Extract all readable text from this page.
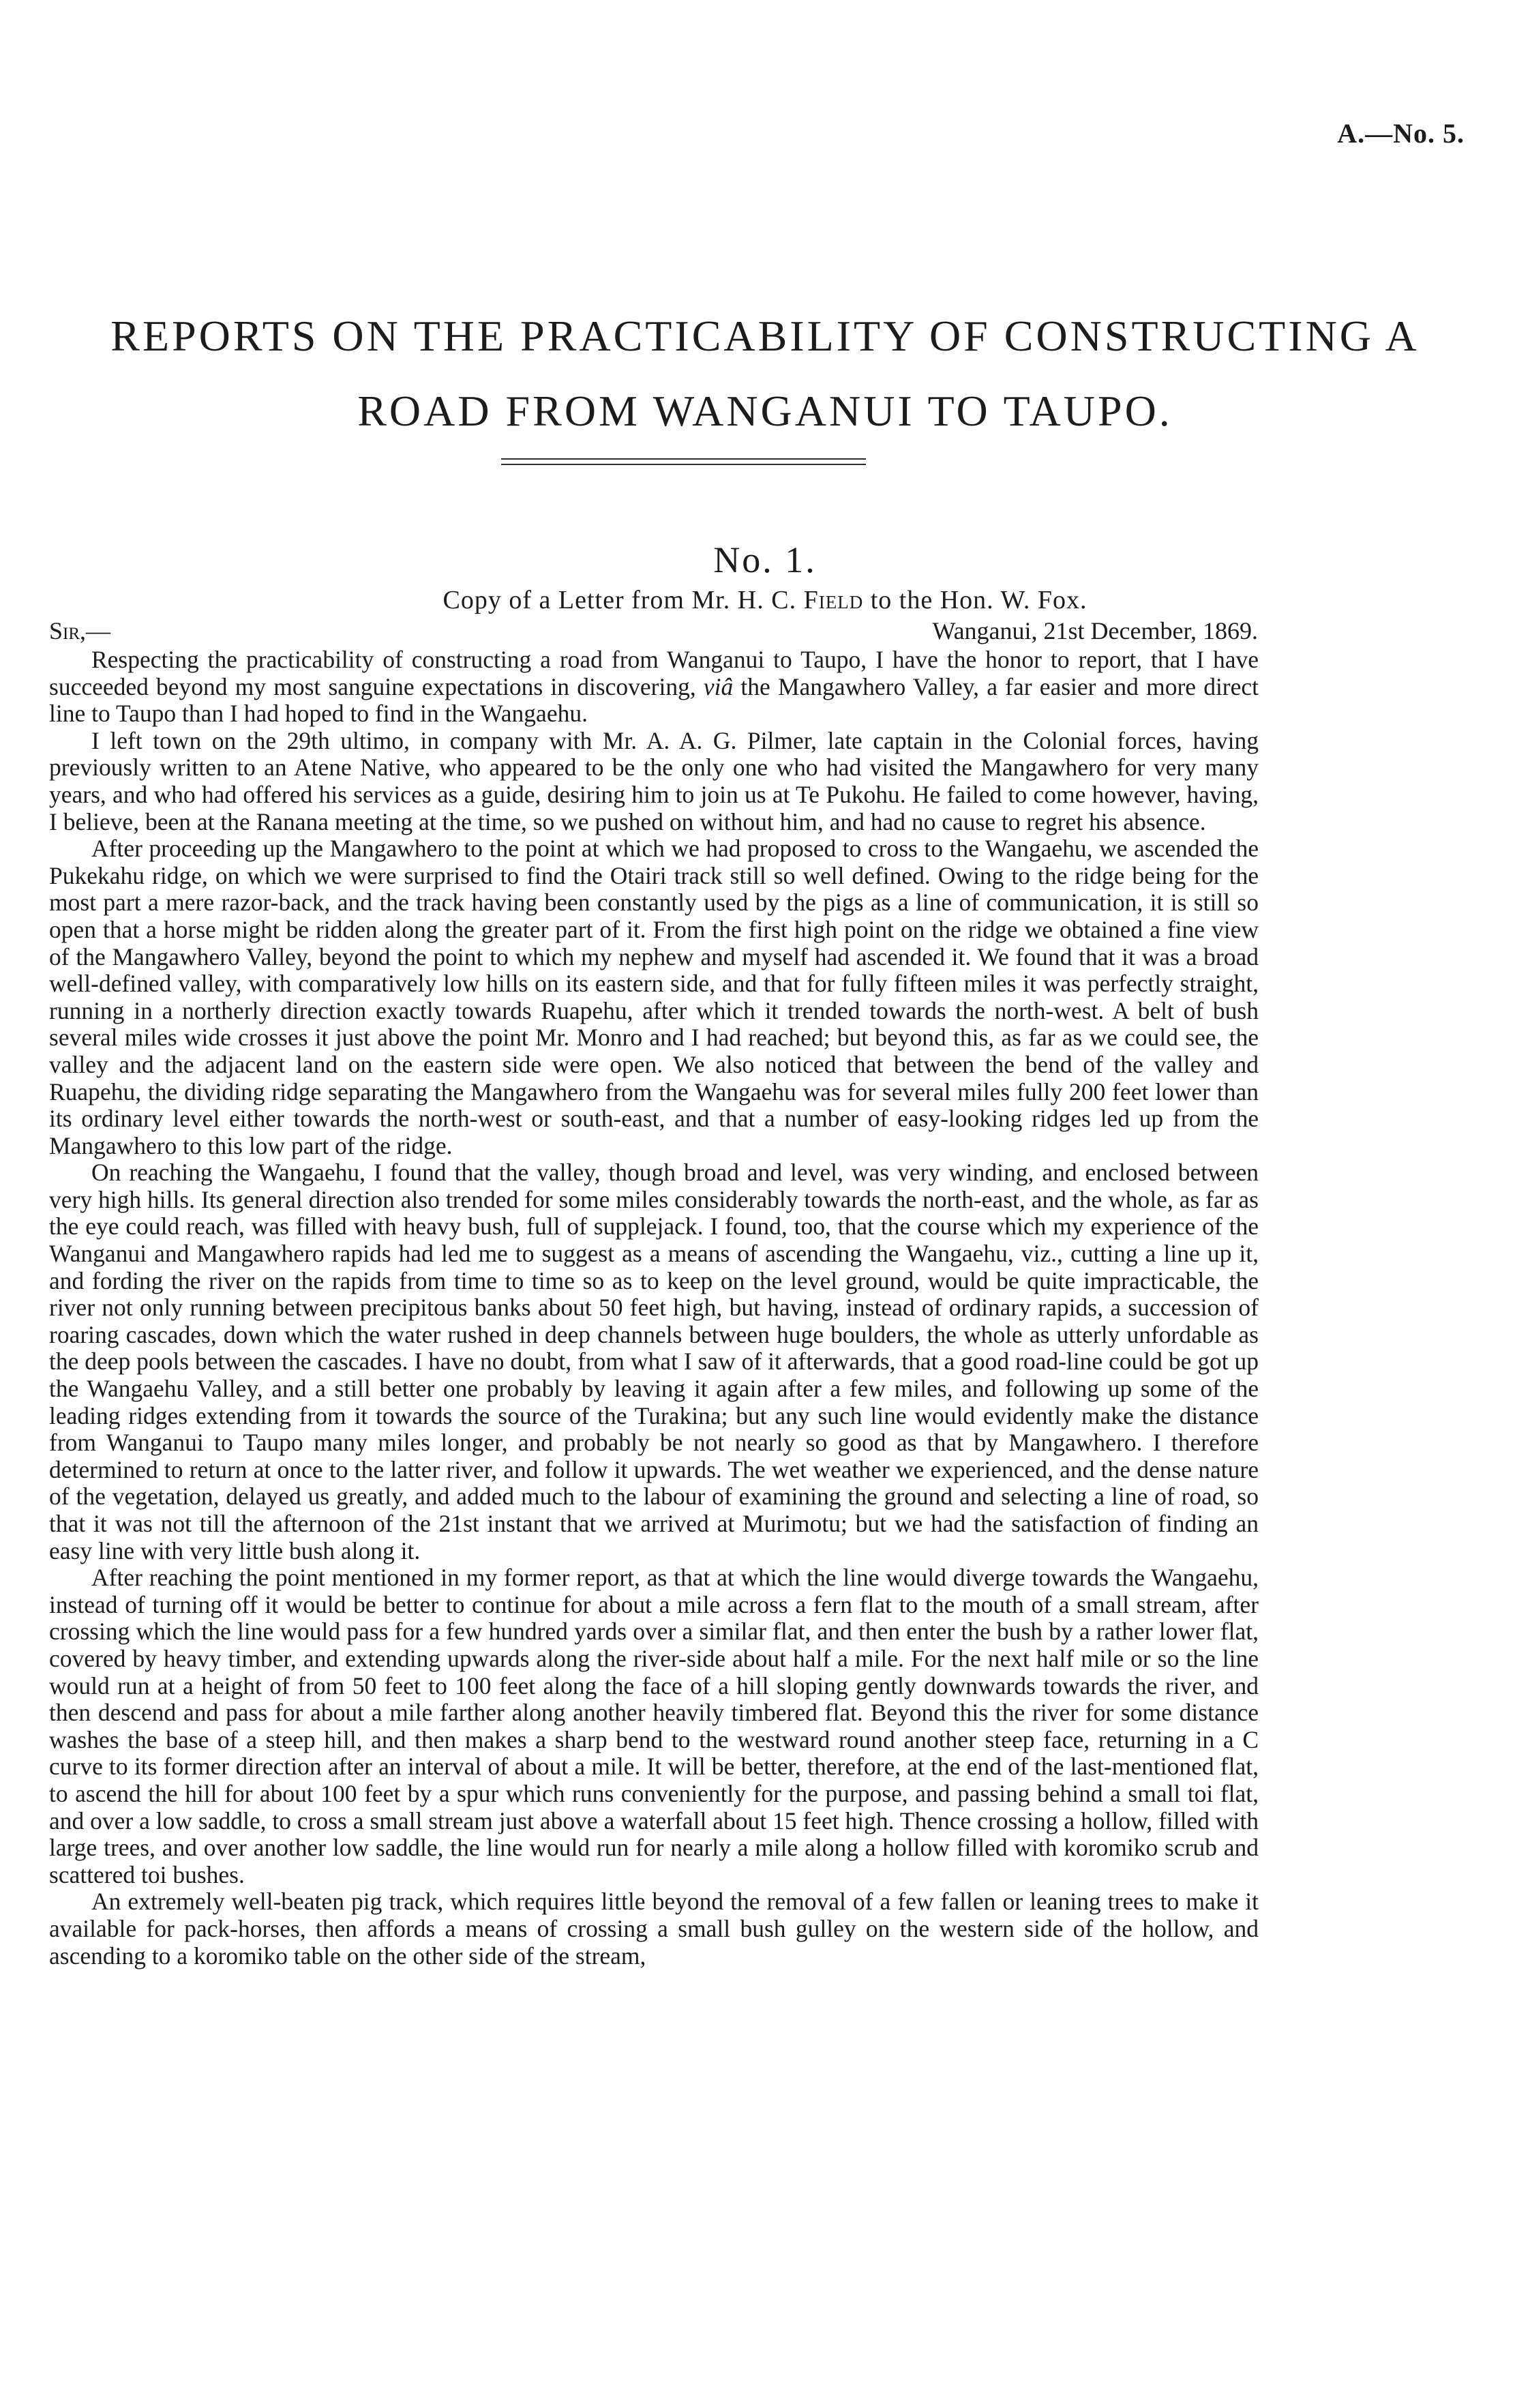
A.—No. 5.
REPORTS ON THE PRACTICABILITY OF CONSTRUCTING A
ROAD FROM WANGANUI TO TAUPO.
No. 1.
Copy of a Letter from Mr. H. C. Field to the Hon. W. Fox.
Sir,—	Wanganui, 21st December, 1869.

Respecting the practicability of constructing a road from Wanganui to Taupo, I have the honor to report, that I have succeeded beyond my most sanguine expectations in discovering, viâ the Mangawhero Valley, a far easier and more direct line to Taupo than I had hoped to find in the Wangaehu.

I left town on the 29th ultimo, in company with Mr. A. A. G. Pilmer, late captain in the Colonial forces, having previously written to an Atene Native, who appeared to be the only one who had visited the Mangawhero for very many years, and who had offered his services as a guide, desiring him to join us at Te Pukohu. He failed to come however, having, I believe, been at the Ranana meeting at the time, so we pushed on without him, and had no cause to regret his absence.

After proceeding up the Mangawhero to the point at which we had proposed to cross to the Wangaehu, we ascended the Pukekahu ridge, on which we were surprised to find the Otairi track still so well defined. Owing to the ridge being for the most part a mere razor-back, and the track having been constantly used by the pigs as a line of communication, it is still so open that a horse might be ridden along the greater part of it. From the first high point on the ridge we obtained a fine view of the Mangawhero Valley, beyond the point to which my nephew and myself had ascended it. We found that it was a broad well-defined valley, with comparatively low hills on its eastern side, and that for fully fifteen miles it was perfectly straight, running in a northerly direction exactly towards Ruapehu, after which it trended towards the north-west. A belt of bush several miles wide crosses it just above the point Mr. Monro and I had reached; but beyond this, as far as we could see, the valley and the adjacent land on the eastern side were open. We also noticed that between the bend of the valley and Ruapehu, the dividing ridge separating the Mangawhero from the Wangaehu was for several miles fully 200 feet lower than its ordinary level either towards the north-west or south-east, and that a number of easy-looking ridges led up from the Mangawhero to this low part of the ridge.

On reaching the Wangaehu, I found that the valley, though broad and level, was very winding, and enclosed between very high hills. Its general direction also trended for some miles considerably towards the north-east, and the whole, as far as the eye could reach, was filled with heavy bush, full of supplejack. I found, too, that the course which my experience of the Wanganui and Mangawhero rapids had led me to suggest as a means of ascending the Wangaehu, viz., cutting a line up it, and fording the river on the rapids from time to time so as to keep on the level ground, would be quite impracticable, the river not only running between precipitous banks about 50 feet high, but having, instead of ordinary rapids, a succession of roaring cascades, down which the water rushed in deep channels between huge boulders, the whole as utterly unfordable as the deep pools between the cascades. I have no doubt, from what I saw of it afterwards, that a good road-line could be got up the Wangaehu Valley, and a still better one probably by leaving it again after a few miles, and following up some of the leading ridges extending from it towards the source of the Turakina; but any such line would evidently make the distance from Wanganui to Taupo many miles longer, and probably be not nearly so good as that by Mangawhero. I therefore determined to return at once to the latter river, and follow it upwards. The wet weather we experienced, and the dense nature of the vegetation, delayed us greatly, and added much to the labour of examining the ground and selecting a line of road, so that it was not till the afternoon of the 21st instant that we arrived at Murimotu; but we had the satisfaction of finding an easy line with very little bush along it.

After reaching the point mentioned in my former report, as that at which the line would diverge towards the Wangaehu, instead of turning off it would be better to continue for about a mile across a fern flat to the mouth of a small stream, after crossing which the line would pass for a few hundred yards over a similar flat, and then enter the bush by a rather lower flat, covered by heavy timber, and extending upwards along the river-side about half a mile. For the next half mile or so the line would run at a height of from 50 feet to 100 feet along the face of a hill sloping gently downwards towards the river, and then descend and pass for about a mile farther along another heavily timbered flat. Beyond this the river for some distance washes the base of a steep hill, and then makes a sharp bend to the westward round another steep face, returning in a C curve to its former direction after an interval of about a mile. It will be better, therefore, at the end of the last-mentioned flat, to ascend the hill for about 100 feet by a spur which runs conveniently for the purpose, and passing behind a small toi flat, and over a low saddle, to cross a small stream just above a waterfall about 15 feet high. Thence crossing a hollow, filled with large trees, and over another low saddle, the line would run for nearly a mile along a hollow filled with koromiko scrub and scattered toi bushes.

An extremely well-beaten pig track, which requires little beyond the removal of a few fallen or leaning trees to make it available for pack-horses, then affords a means of crossing a small bush gulley on the western side of the hollow, and ascending to a koromiko table on the other side of the stream,
